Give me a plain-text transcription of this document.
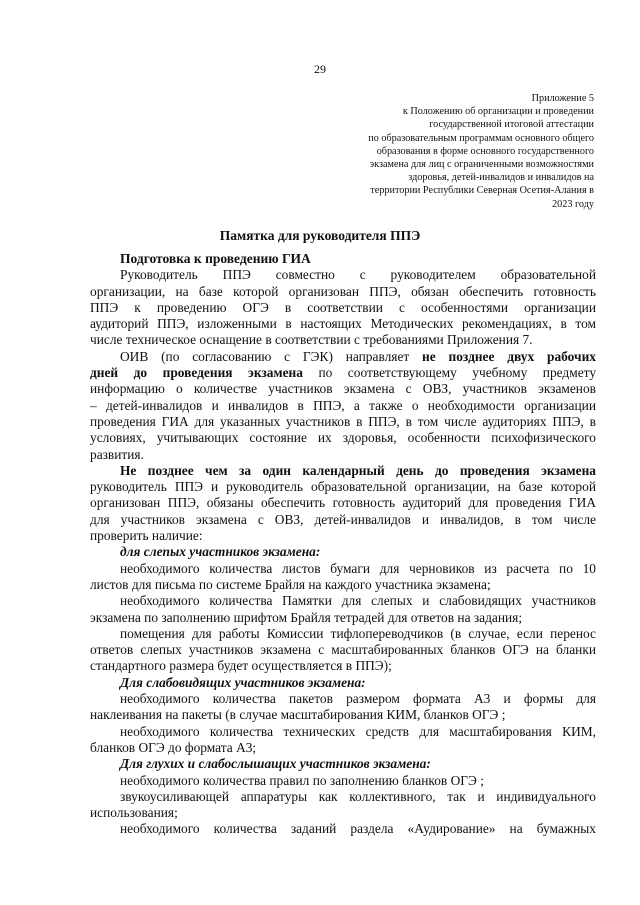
29
Приложение 5
к Положению об организации и проведении
государственной итоговой аттестации
по образовательным программам основного общего
образования в форме основного государственного
экзамена для лиц с ограниченными возможностями
здоровья, детей-инвалидов и инвалидов на
территории Республики Северная Осетия-Алания в
2023 году
Памятка для руководителя ППЭ
Подготовка к проведению ГИА
Руководитель ППЭ совместно с руководителем образовательной
организации, на базе которой организован ППЭ, обязан обеспечить готовность
ППЭ к проведению ОГЭ в соответствии с особенностями организации
аудиторий ППЭ, изложенными в настоящих Методических рекомендациях, в том
числе техническое оснащение в соответствии с требованиями Приложения 7.
ОИВ (по согласованию с ГЭК) направляет не позднее двух рабочих
дней до проведения экзамена по соответствующему учебному предмету
информацию о количестве участников экзамена с ОВЗ, участников экзаменов
– детей-инвалидов и инвалидов в ППЭ, а также о необходимости организации
проведения ГИА для указанных участников в ППЭ, в том числе аудиториях ППЭ, в
условиях, учитывающих состояние их здоровья, особенности психофизического
развития.
Не позднее чем за один календарный день до проведения экзамена
руководитель ППЭ и руководитель образовательной организации, на базе которой
организован ППЭ, обязаны обеспечить готовность аудиторий для проведения ГИА
для участников экзамена с ОВЗ, детей-инвалидов и инвалидов, в том числе
проверить наличие:
для слепых участников экзамена:
необходимого количества листов бумаги для черновиков из расчета по 10
листов для письма по системе Брайля на каждого участника экзамена;
необходимого количества Памятки для слепых и слабовидящих участников
экзамена по заполнению шрифтом Брайля тетрадей для ответов на задания;
помещения для работы Комиссии тифлопереводчиков (в случае, если перенос
ответов слепых участников экзамена с масштабированных бланков ОГЭ на бланки
стандартного размера будет осуществляется в ППЭ);
Для слабовидящих участников экзамена:
необходимого количества пакетов размером формата А3 и формы для
наклеивания на пакеты (в случае масштабирования КИМ, бланков ОГЭ ;
необходимого количества технических средств для масштабирования КИМ,
бланков ОГЭ до формата А3;
Для глухих и слабослышащих участников экзамена:
необходимого количества правил по заполнению бланков ОГЭ ;
звукоусиливающей аппаратуры как коллективного, так и индивидуального
использования;
необходимого количества заданий раздела «Аудирование» на бумажных
